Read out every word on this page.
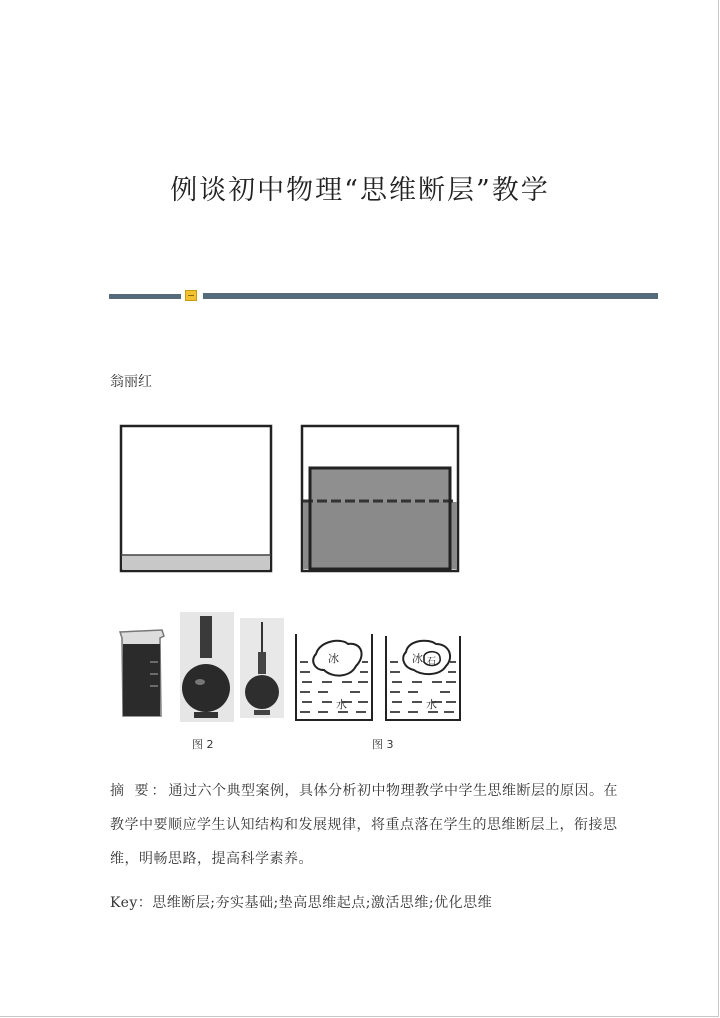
例谈初中物理“思维断层”教学
翁丽红
冰
水
冰 石
水
图 2	图 3
摘 要：通过六个典型案例，具体分析初中物理教学中学生思维断层的原因。在教学中要顺应学生认知结构和发展规律，将重点落在学生的思维断层上，衔接思维，明畅思路，提高科学素养。
Key：思维断层;夯实基础;垫高思维起点;激活思维;优化思维
